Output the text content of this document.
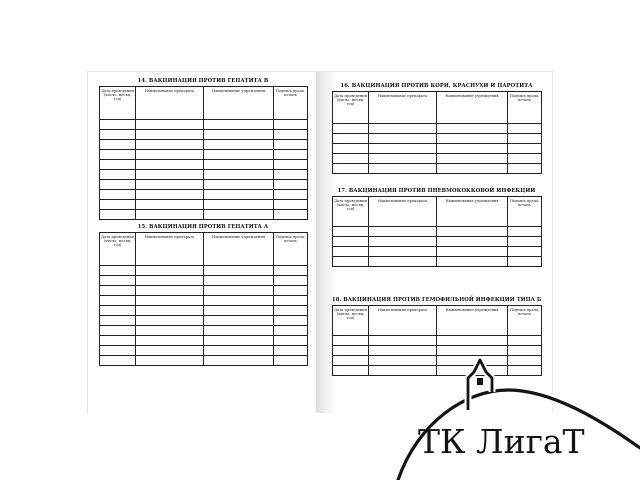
14. ВАКЦИНАЦИЯ ПРОТИВ ГЕПАТИТА В
Дата проведения (число, месяц, год)	Наименование препарата	Наименование учреждения	Подпись врача, печать

15. ВАКЦИНАЦИЯ ПРОТИВ ГЕПАТИТА А
Дата проведения (число, месяц, год)	Наименование препарата	Наименование учреждения	Подпись врача, печать

16. ВАКЦИНАЦИЯ ПРОТИВ КОРИ, КРАСНУХИ И ПАРОТИТА
Дата проведения (число, месяц, год)	Наименование препарата	Наименование учреждения	Подпись врача, печать

17. ВАКЦИНАЦИЯ ПРОТИВ ПНЕВМОКОККОВОЙ ИНФЕКЦИИ
Дата проведения (число, месяц, год)	Наименование препарата	Наименование учреждения	Подпись врача, печать

18. ВАКЦИНАЦИЯ ПРОТИВ ГЕМОФИЛЬНОЙ ИНФЕКЦИИ ТИПА Б
Дата проведения (число, месяц, год)	Наименование препарата	Наименование учреждения	Подпись врача, печать

ТК ЛигаТ
